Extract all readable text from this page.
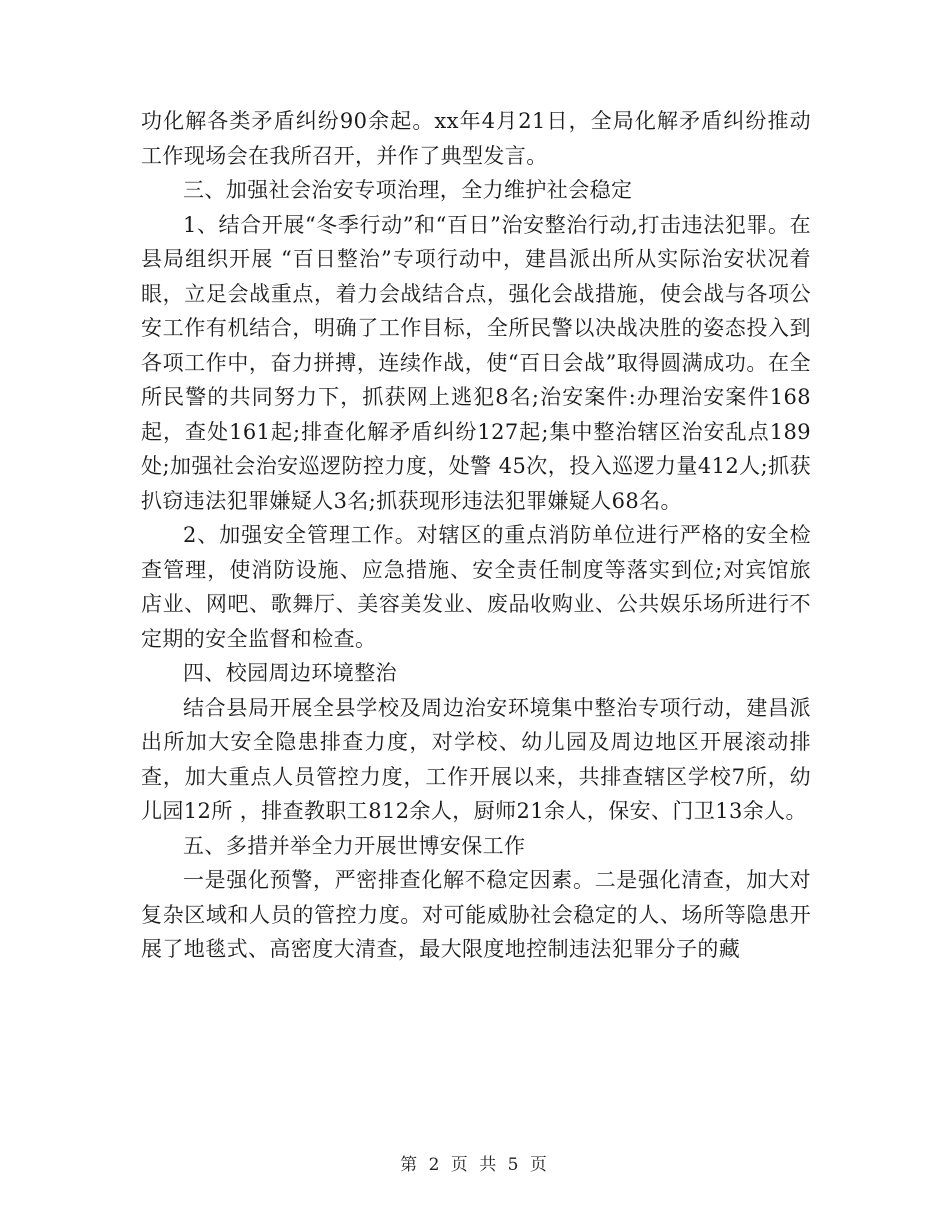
功化解各类矛盾纠纷90余起。xx年4月21日，全局化解矛盾纠纷推动工作现场会在我所召开，并作了典型发言。

三、加强社会治安专项治理，全力维护社会稳定

1、结合开展“冬季行动”和“百日”治安整治行动,打击违法犯罪。在县局组织开展 “百日整治”专项行动中，建昌派出所从实际治安状况着眼，立足会战重点，着力会战结合点，强化会战措施，使会战与各项公安工作有机结合，明确了工作目标，全所民警以决战决胜的姿态投入到各项工作中，奋力拼搏，连续作战，使“百日会战”取得圆满成功。在全所民警的共同努力下，抓获网上逃犯8名;治安案件:办理治安案件168起，查处161起;排查化解矛盾纠纷127起;集中整治辖区治安乱点189处;加强社会治安巡逻防控力度，处警 45次，投入巡逻力量412人;抓获扒窃违法犯罪嫌疑人3名;抓获现形违法犯罪嫌疑人68名。

2、加强安全管理工作。对辖区的重点消防单位进行严格的安全检查管理，使消防设施、应急措施、安全责任制度等落实到位;对宾馆旅店业、网吧、歌舞厅、美容美发业、废品收购业、公共娱乐场所进行不定期的安全监督和检查。

四、校园周边环境整治

结合县局开展全县学校及周边治安环境集中整治专项行动，建昌派出所加大安全隐患排查力度，对学校、幼儿园及周边地区开展滚动排查，加大重点人员管控力度，工作开展以来，共排查辖区学校7所，幼儿园12所 ，排查教职工812余人，厨师21余人，保安、门卫13余人。

五、多措并举全力开展世博安保工作

一是强化预警，严密排查化解不稳定因素。二是强化清查，加大对复杂区域和人员的管控力度。对可能威胁社会稳定的人、场所等隐患开展了地毯式、高密度大清查，最大限度地控制违法犯罪分子的藏

第 2 页 共 5 页
